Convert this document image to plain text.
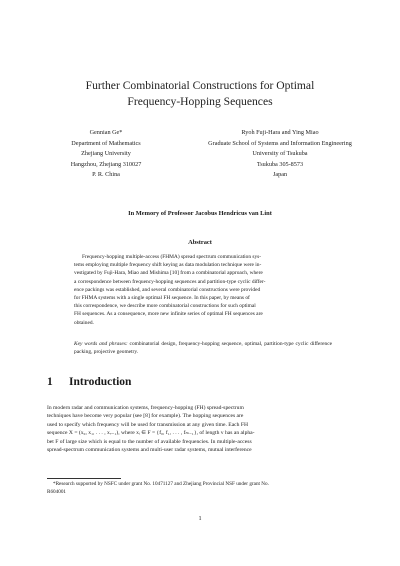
Further Combinatorial Constructions for Optimal
Frequency-Hopping Sequences
Gennian Ge*
Department of Mathematics
Zhejiang University
Hangzhou, Zhejiang 310027
P. R. China
Ryoh Fuji-Hara and Ying Miao
Graduate School of Systems and Information Engineering
University of Tsukuba
Tsukuba 305-8573
Japan
In Memory of Professor Jacobus Hendricus van Lint
Abstract
Frequency-hopping multiple-access (FHMA) spread spectrum communication sys-
tems employing multiple frequency shift keying as data modulation technique were in-
vestigated by Fuji-Hara, Miao and Mishima [10] from a combinatorial approach, where
a correspondence between frequency-hopping sequences and partition-type cyclic differ-
ence packings was established, and several combinatorial constructions were provided
for FHMA systems with a single optimal FH sequence. In this paper, by means of
this correspondence, we describe more combinatorial constructions for such optimal
FH sequences. As a consequence, more new infinite series of optimal FH sequences are
obtained.
Key words and phrases: combinatorial design, frequency-hopping sequence, optimal, partition-type cyclic difference packing, projective geometry.
1 Introduction
In modern radar and communication systems, frequency-hopping (FH) spread-spectrum
techniques have become very popular (see [8] for example). The hopping sequences are
used to specify which frequency will be used for transmission at any given time. Each FH
sequence X = (x₀, x₁, . . . , xᵥ₋₁), where xᵢ ∈ F = {f₀, f₁, . . . , fₘ₋₁}, of length v has an alpha-
bet F of large size which is equal to the number of available frequencies. In multiple-access
spread-spectrum communication systems and multi-user radar systems, mutual interference
*Research supported by NSFC under grant No. 10471127 and Zhejiang Provincial NSF under grant No.
R604001
1
